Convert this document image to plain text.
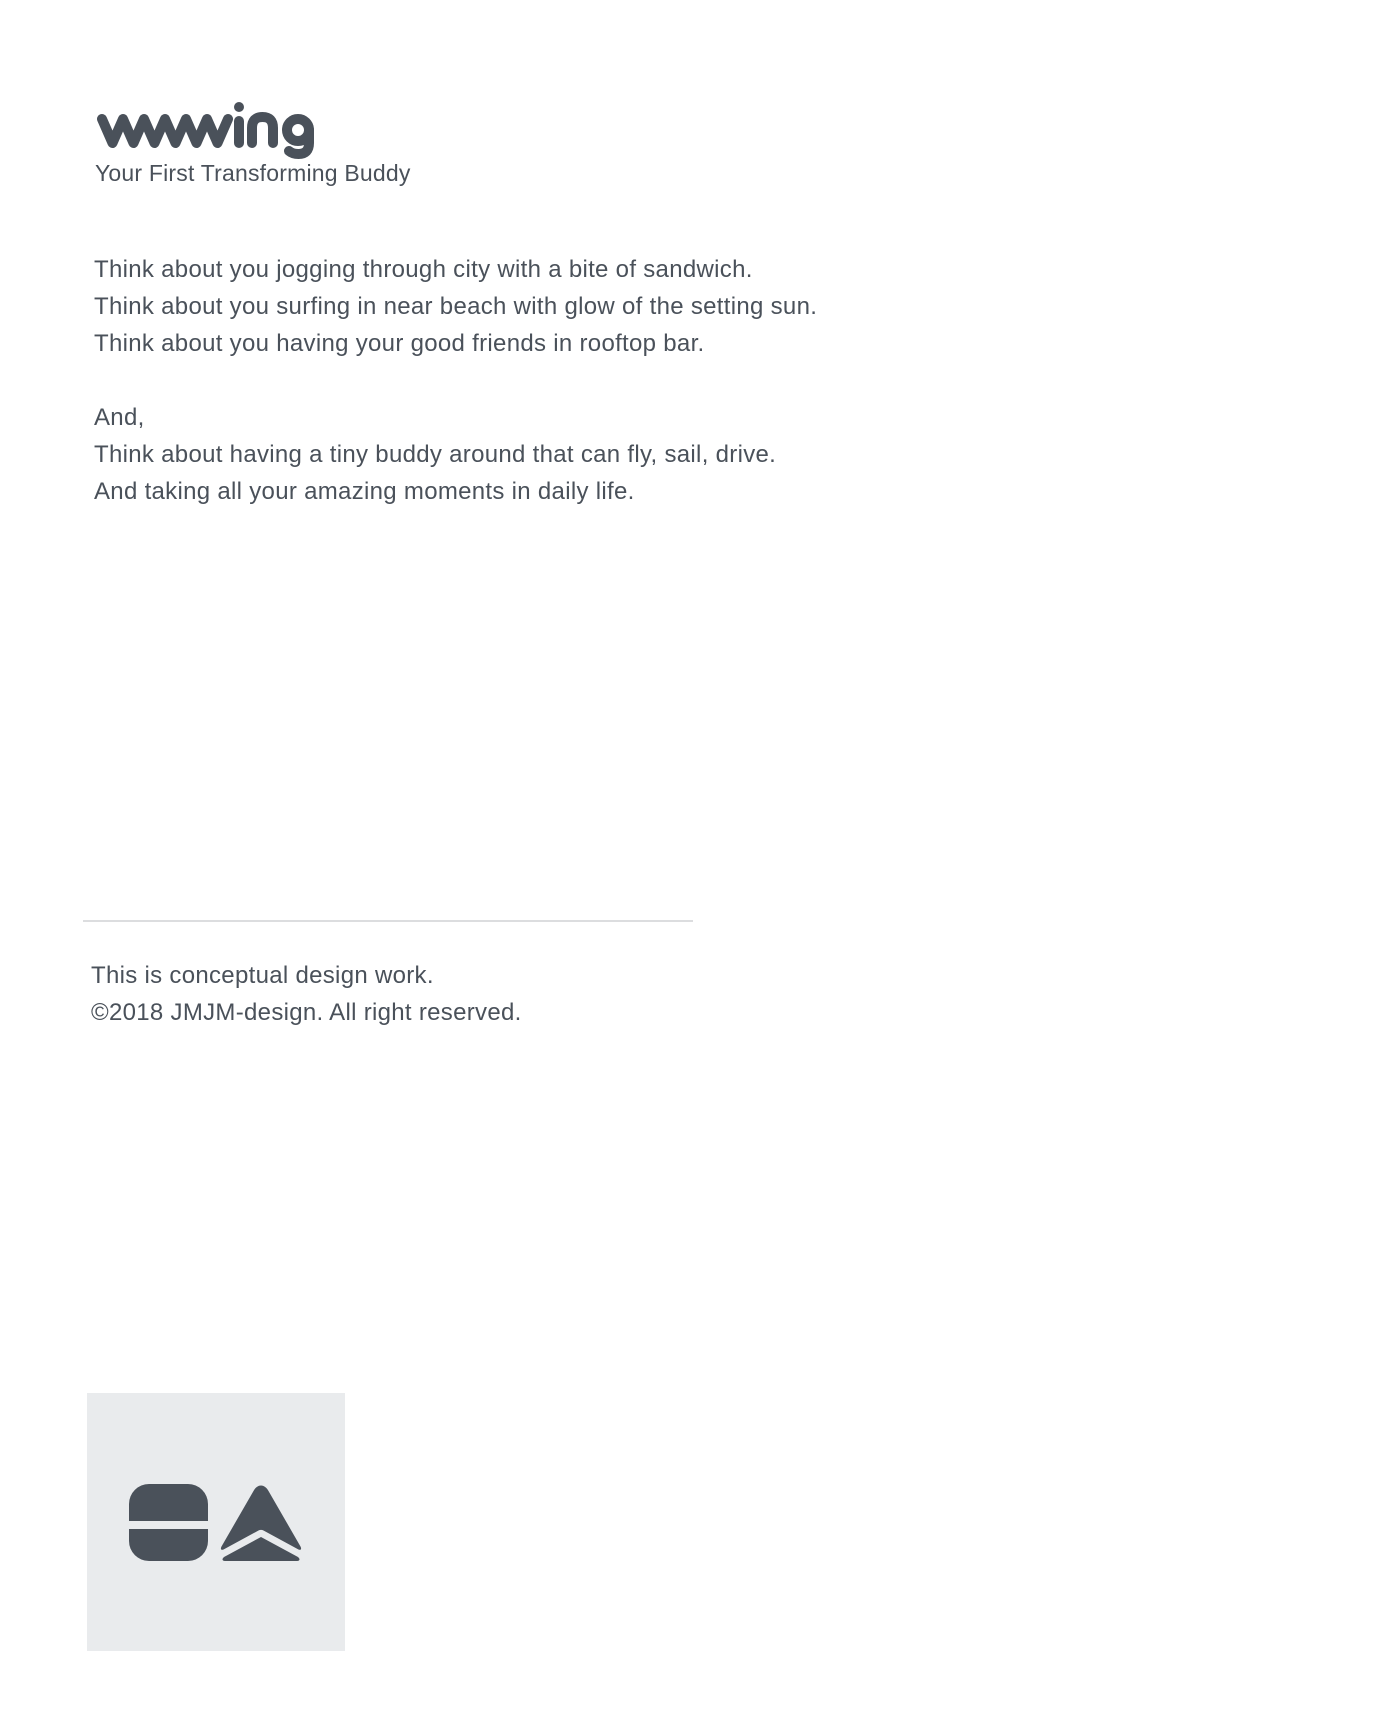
Your First Transforming Buddy
Think about you jogging through city with a bite of sandwich.
Think about you surfing in near beach with glow of the setting sun.
Think about you having your good friends in rooftop bar.
And,
Think about having a tiny buddy around that can fly, sail, drive.
And taking all your amazing moments in daily life.
This is conceptual design work.
©2018 JMJM-design. All right reserved.
